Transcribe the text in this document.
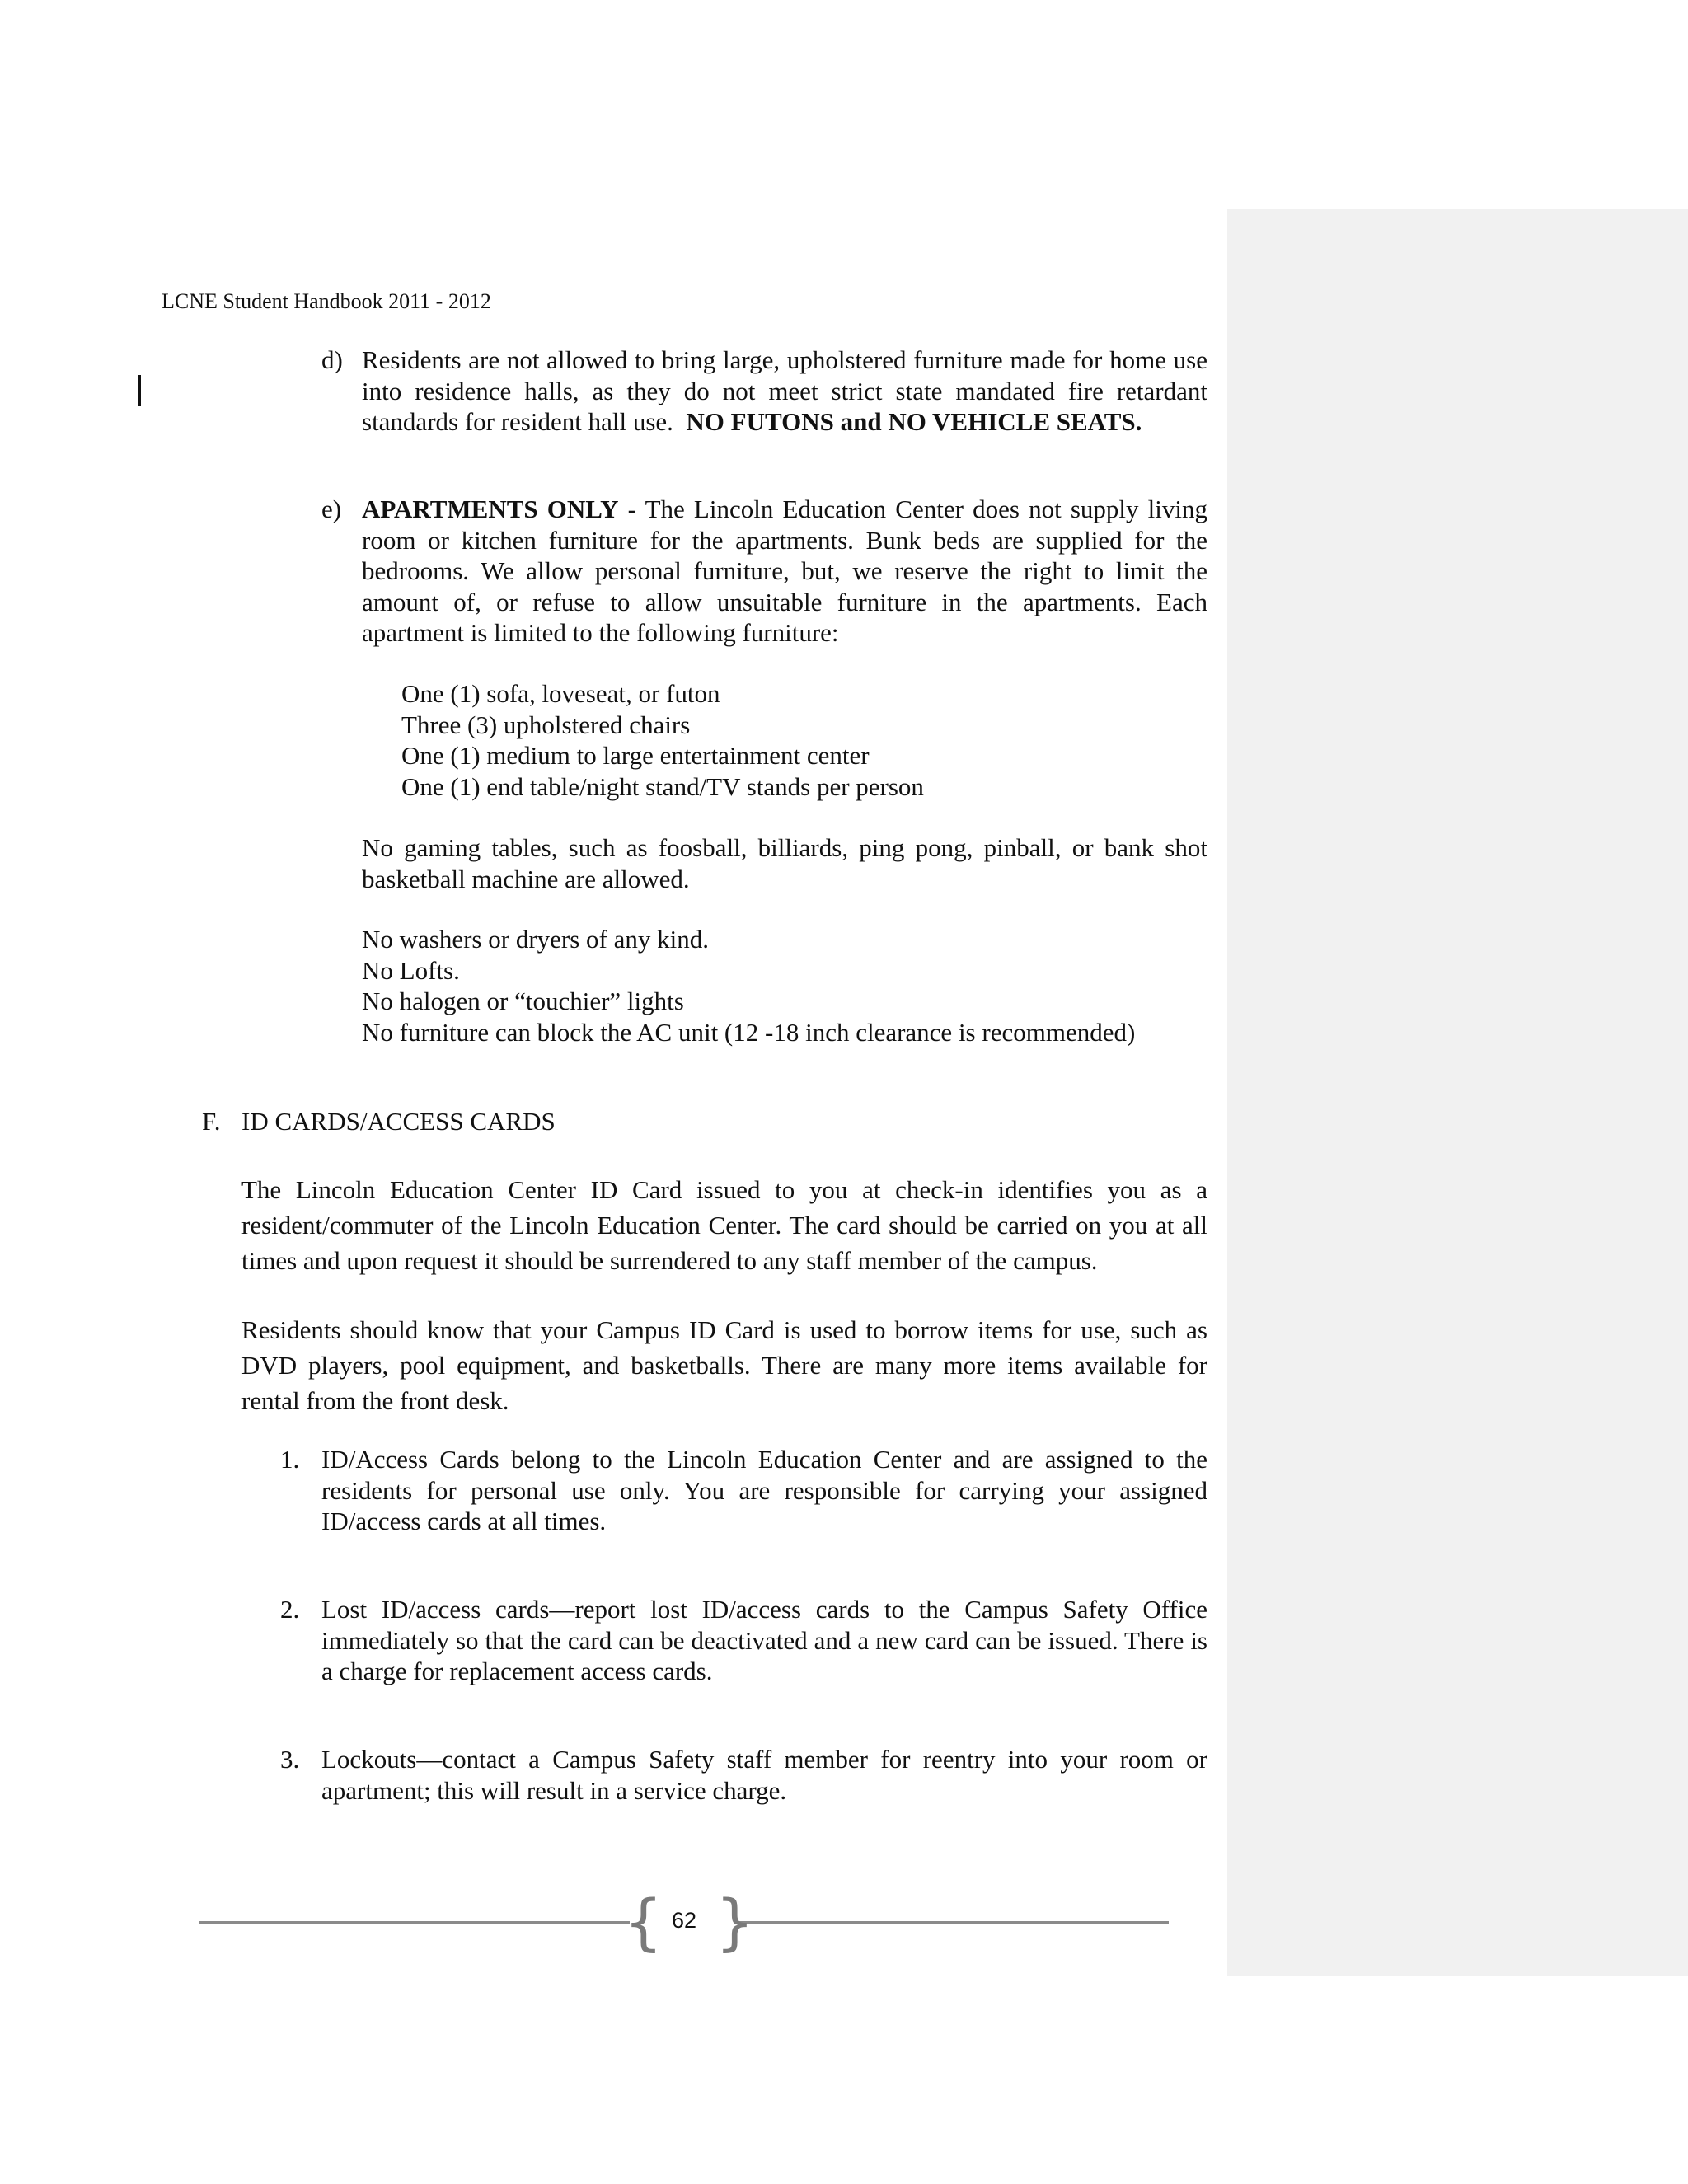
LCNE Student Handbook 2011 - 2012
d) Residents are not allowed to bring large, upholstered furniture made for home use into residence halls, as they do not meet strict state mandated fire retardant standards for resident hall use. NO FUTONS and NO VEHICLE SEATS.
e) APARTMENTS ONLY - The Lincoln Education Center does not supply living room or kitchen furniture for the apartments. Bunk beds are supplied for the bedrooms. We allow personal furniture, but, we reserve the right to limit the amount of, or refuse to allow unsuitable furniture in the apartments. Each apartment is limited to the following furniture:
One (1) sofa, loveseat, or futon
Three (3) upholstered chairs
One (1) medium to large entertainment center
One (1) end table/night stand/TV stands per person
No gaming tables, such as foosball, billiards, ping pong, pinball, or bank shot basketball machine are allowed.
No washers or dryers of any kind.
No Lofts.
No halogen or “touchier” lights
No furniture can block the AC unit (12 -18 inch clearance is recommended)
F. ID CARDS/ACCESS CARDS
The Lincoln Education Center ID Card issued to you at check-in identifies you as a resident/commuter of the Lincoln Education Center. The card should be carried on you at all times and upon request it should be surrendered to any staff member of the campus.
Residents should know that your Campus ID Card is used to borrow items for use, such as DVD players, pool equipment, and basketballs. There are many more items available for rental from the front desk.
1. ID/Access Cards belong to the Lincoln Education Center and are assigned to the residents for personal use only. You are responsible for carrying your assigned ID/access cards at all times.
2. Lost ID/access cards—report lost ID/access cards to the Campus Safety Office immediately so that the card can be deactivated and a new card can be issued. There is a charge for replacement access cards.
3. Lockouts—contact a Campus Safety staff member for reentry into your room or apartment; this will result in a service charge.
{ }
62
